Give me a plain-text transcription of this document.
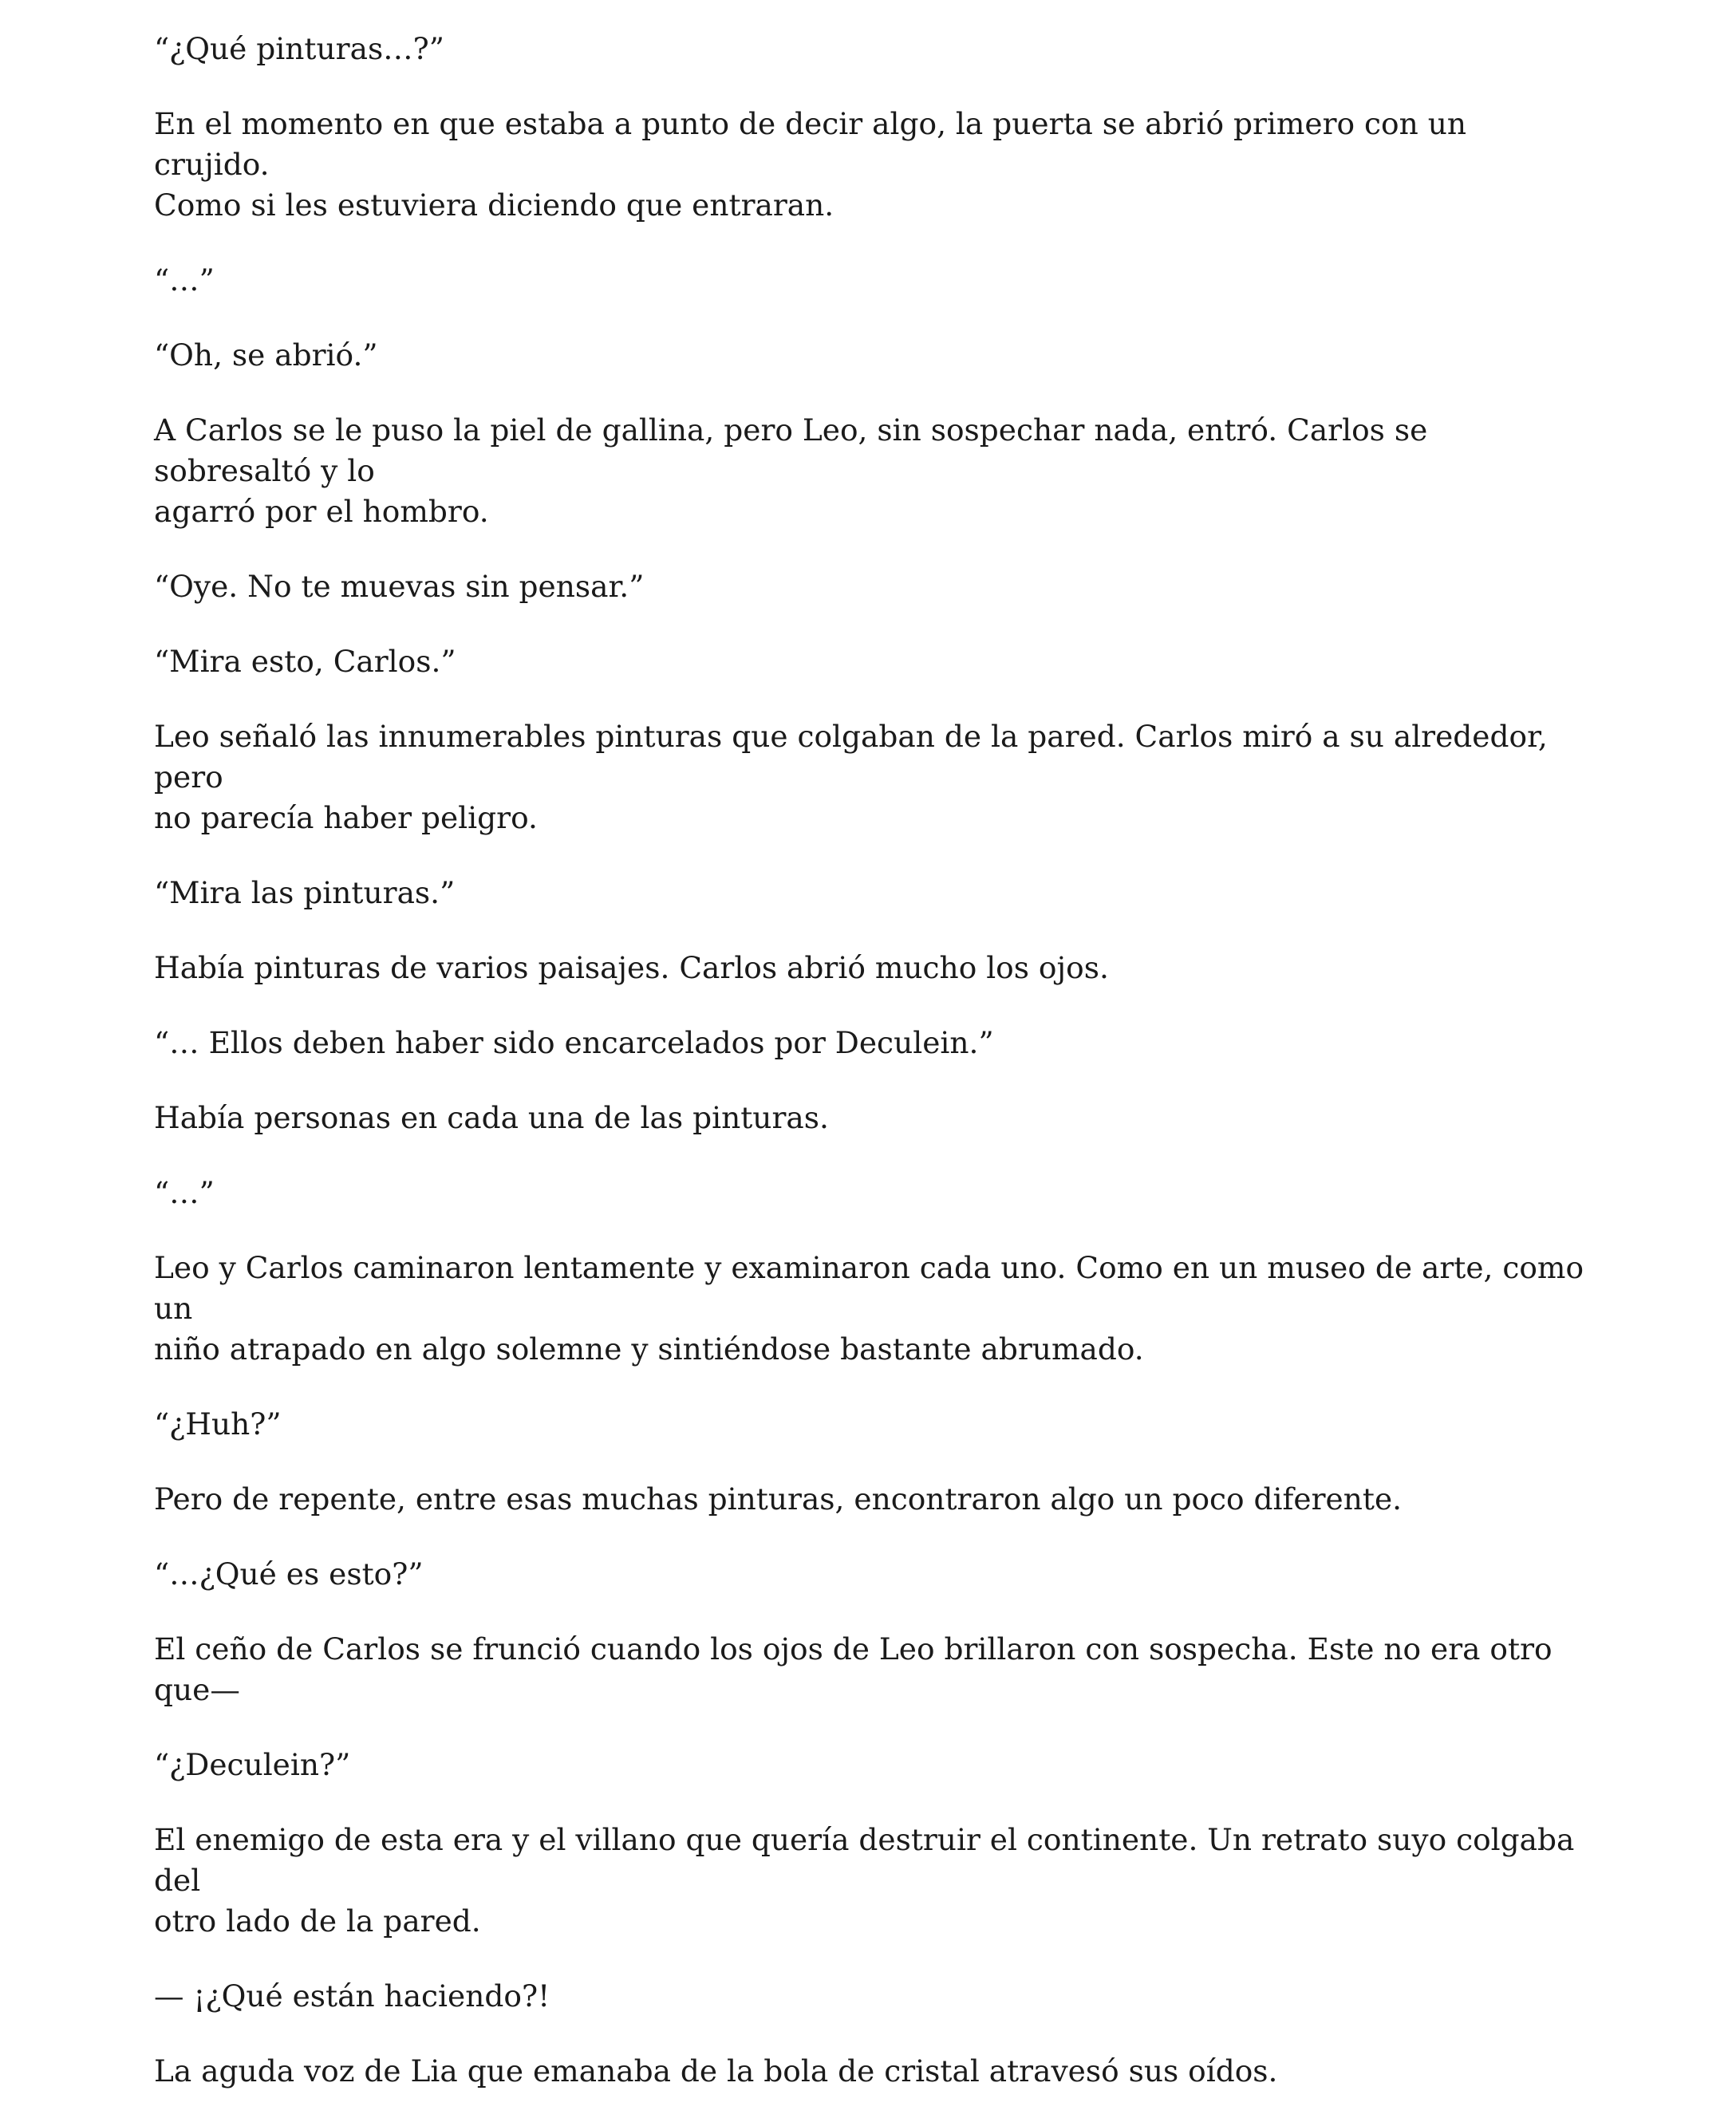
“¿Qué pinturas…?”

En el momento en que estaba a punto de decir algo, la puerta se abrió primero con un crujido.
Como si les estuviera diciendo que entraran.

“…”

“Oh, se abrió.”

A Carlos se le puso la piel de gallina, pero Leo, sin sospechar nada, entró. Carlos se sobresaltó y lo
agarró por el hombro.

“Oye. No te muevas sin pensar.”

“Mira esto, Carlos.”

Leo señaló las innumerables pinturas que colgaban de la pared. Carlos miró a su alrededor, pero
no parecía haber peligro.

“Mira las pinturas.”

Había pinturas de varios paisajes. Carlos abrió mucho los ojos.

“… Ellos deben haber sido encarcelados por Deculein.”

Había personas en cada una de las pinturas.

“…”

Leo y Carlos caminaron lentamente y examinaron cada uno. Como en un museo de arte, como un
niño atrapado en algo solemne y sintiéndose bastante abrumado.

“¿Huh?”

Pero de repente, entre esas muchas pinturas, encontraron algo un poco diferente.

“…¿Qué es esto?”

El ceño de Carlos se frunció cuando los ojos de Leo brillaron con sospecha. Este no era otro que—

“¿Deculein?”

El enemigo de esta era y el villano que quería destruir el continente. Un retrato suyo colgaba del
otro lado de la pared.

— ¡¿Qué están haciendo?!

La aguda voz de Lia que emanaba de la bola de cristal atravesó sus oídos.
